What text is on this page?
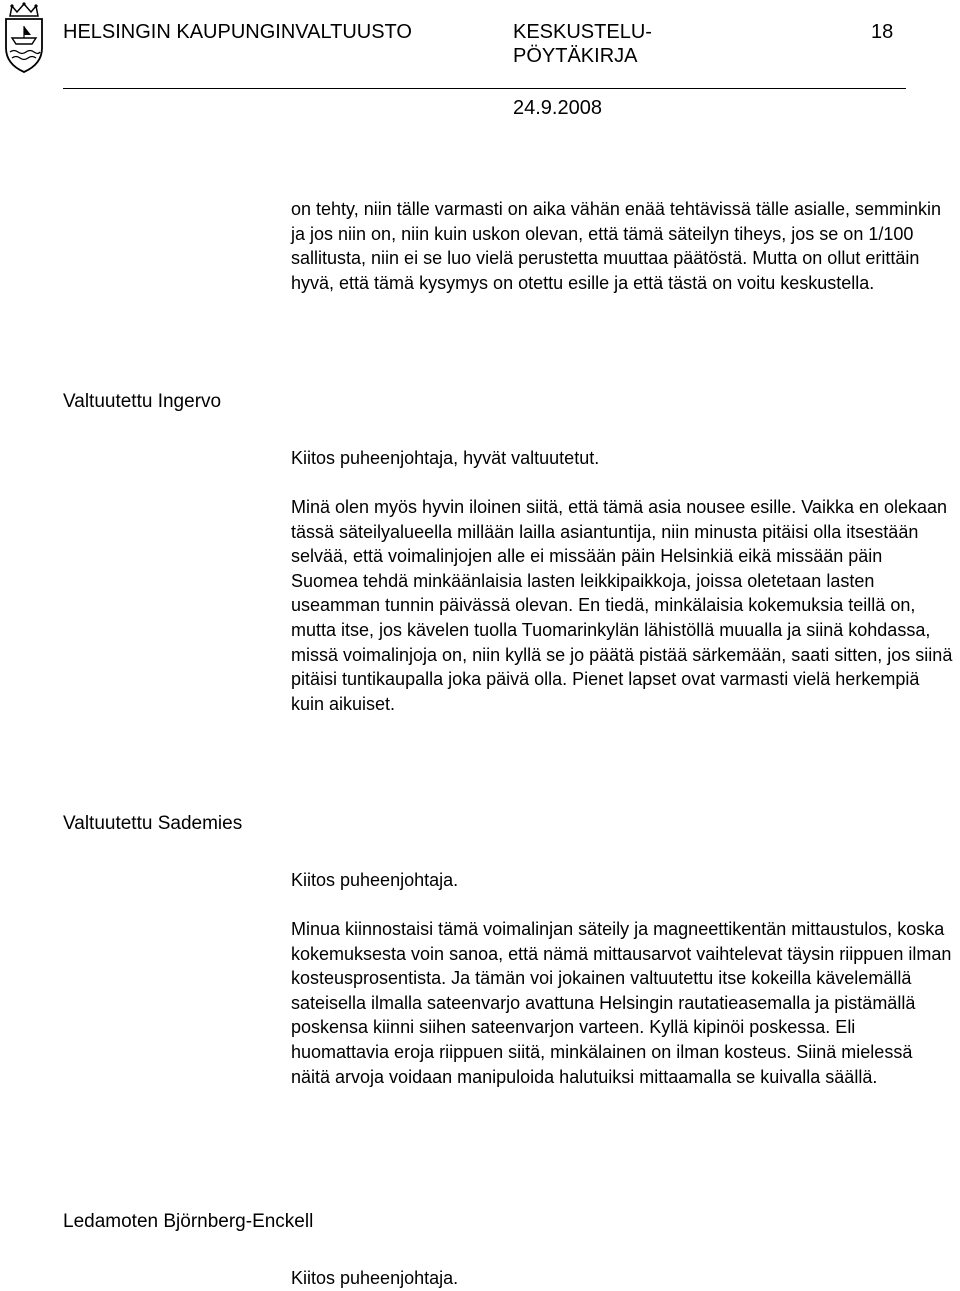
HELSINGIN KAUPUNGINVALTUUSTO	KESKUSTELU-
PÖYTÄKIRJA
18
24.9.2008

on tehty, niin tälle varmasti on aika vähän enää tehtävissä tälle asialle, semminkin ja jos niin on, niin kuin uskon olevan, että tämä säteilyn tiheys, jos se on 1/100 sallitusta, niin ei se luo vielä perustetta muuttaa päätöstä. Mutta on ollut erittäin hyvä, että tämä kysymys on otettu esille ja että tästä on voitu keskustella.

Valtuutettu Ingervo

Kiitos puheenjohtaja, hyvät valtuutetut.

Minä olen myös hyvin iloinen siitä, että tämä asia nousee esille. Vaikka en olekaan tässä säteilyalueella millään lailla asiantuntija, niin minusta pitäisi olla itsestään selvää, että voimalinjojen alle ei missään päin Helsinkiä eikä missään päin Suomea tehdä minkäänlaisia lasten leikkipaikkoja, joissa oletetaan lasten useamman tunnin päivässä olevan. En tiedä, minkälaisia kokemuksia teillä on, mutta itse, jos kävelen tuolla Tuomarinkylän lähistöllä muualla ja siinä kohdassa, missä voimalinjoja on, niin kyllä se jo päätä pistää särkemään, saati sitten, jos siinä pitäisi tuntikaupalla joka päivä olla. Pienet lapset ovat varmasti vielä herkempiä kuin aikuiset.

Valtuutettu Sademies

Kiitos puheenjohtaja.

Minua kiinnostaisi tämä voimalinjan säteily ja magneettikentän mittaustulos, koska kokemuksesta voin sanoa, että nämä mittausarvot vaihtelevat täysin riippuen ilman kosteusprosentista. Ja tämän voi jokainen valtuutettu itse kokeilla kävelemällä sateisella ilmalla sateenvarjo avattuna Helsingin rautatieasemalla ja pistämällä poskensa kiinni siihen sateenvarjon varteen. Kyllä kipinöi poskessa. Eli huomattavia eroja riippuen siitä, minkälainen on ilman kosteus. Siinä mielessä näitä arvoja voidaan manipuloida halutuiksi mittaamalla se kuivalla säällä.

Ledamoten Björnberg-Enckell

Kiitos puheenjohtaja.
